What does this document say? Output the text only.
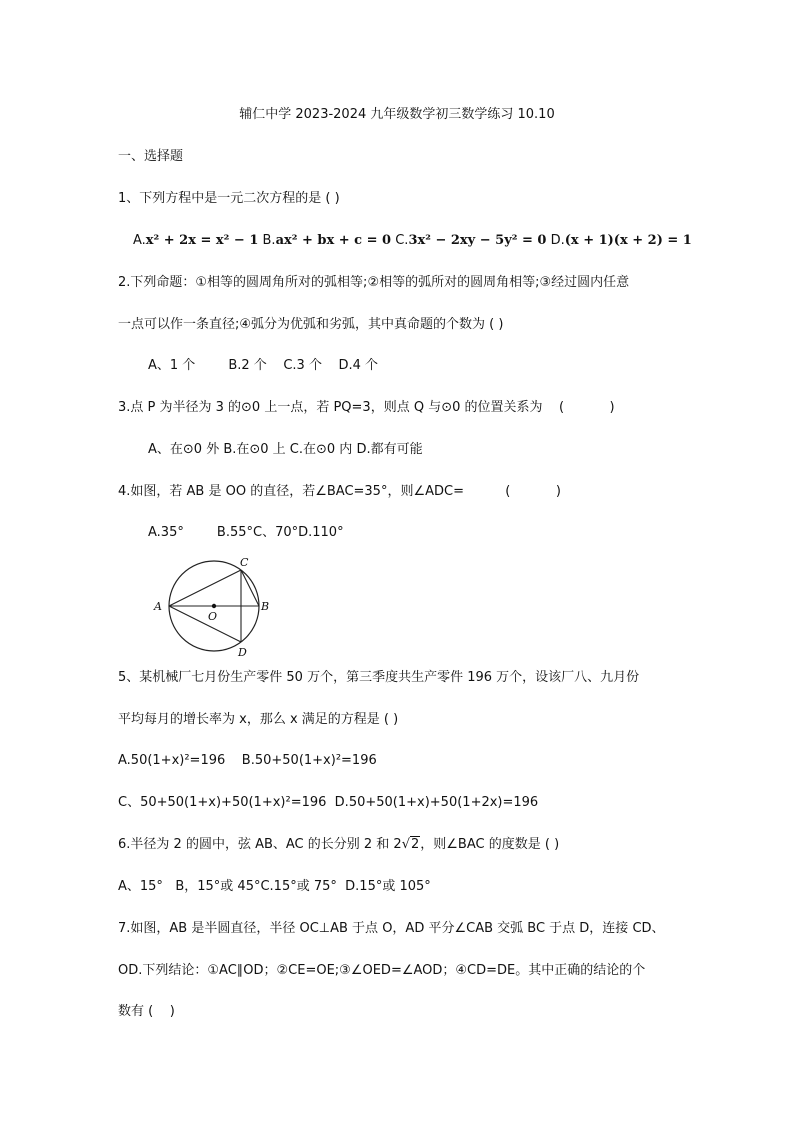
辅仁中学 2023-2024 九年级数学初三数学练习 10.10
一、选择题
1、下列方程中是一元二次方程的是 ( )
A.x² + 2x = x² − 1 B.ax² + bx + c = 0 C.3x² − 2xy − 5y² = 0 D.(x + 1)(x + 2) = 1
2.下列命题：①相等的圆周角所对的弧相等;②相等的弧所对的圆周角相等;③经过圆内任意
一点可以作一条直径;④弧分为优弧和劣弧，其中真命题的个数为 ( )
A、1 个        B.2 个    C.3 个    D.4 个
3.点 P 为半径为 3 的⊙0 上一点，若 PQ=3，则点 Q 与⊙0 的位置关系为    (           )
A、在⊙0 外 B.在⊙0 上 C.在⊙0 内 D.都有可能
4.如图，若 AB 是 OO 的直径，若∠BAC=35°，则∠ADC=          (           )
A.35°        B.55°C、70°D.110°
A	B
C
D
O
5、某机械厂七月份生产零件 50 万个，第三季度共生产零件 196 万个，设该厂八、九月份
平均每月的增长率为 x，那么 x 满足的方程是 ( )
A.50(1+x)²=196    B.50+50(1+x)²=196
C、50+50(1+x)+50(1+x)²=196  D.50+50(1+x)+50(1+2x)=196
6.半径为 2 的圆中，弦 AB、AC 的长分别 2 和 2√2，则∠BAC 的度数是 ( )
A、15°   B，15°或 45°C.15°或 75°  D.15°或 105°
7.如图，AB 是半圆直径，半径 OC⊥AB 于点 O，AD 平分∠CAB 交弧 BC 于点 D，连接 CD、
OD.下列结论：①AC∥OD；②CE=OE;③∠OED=∠AOD；④CD=DE。其中正确的结论的个
数有 (    )
